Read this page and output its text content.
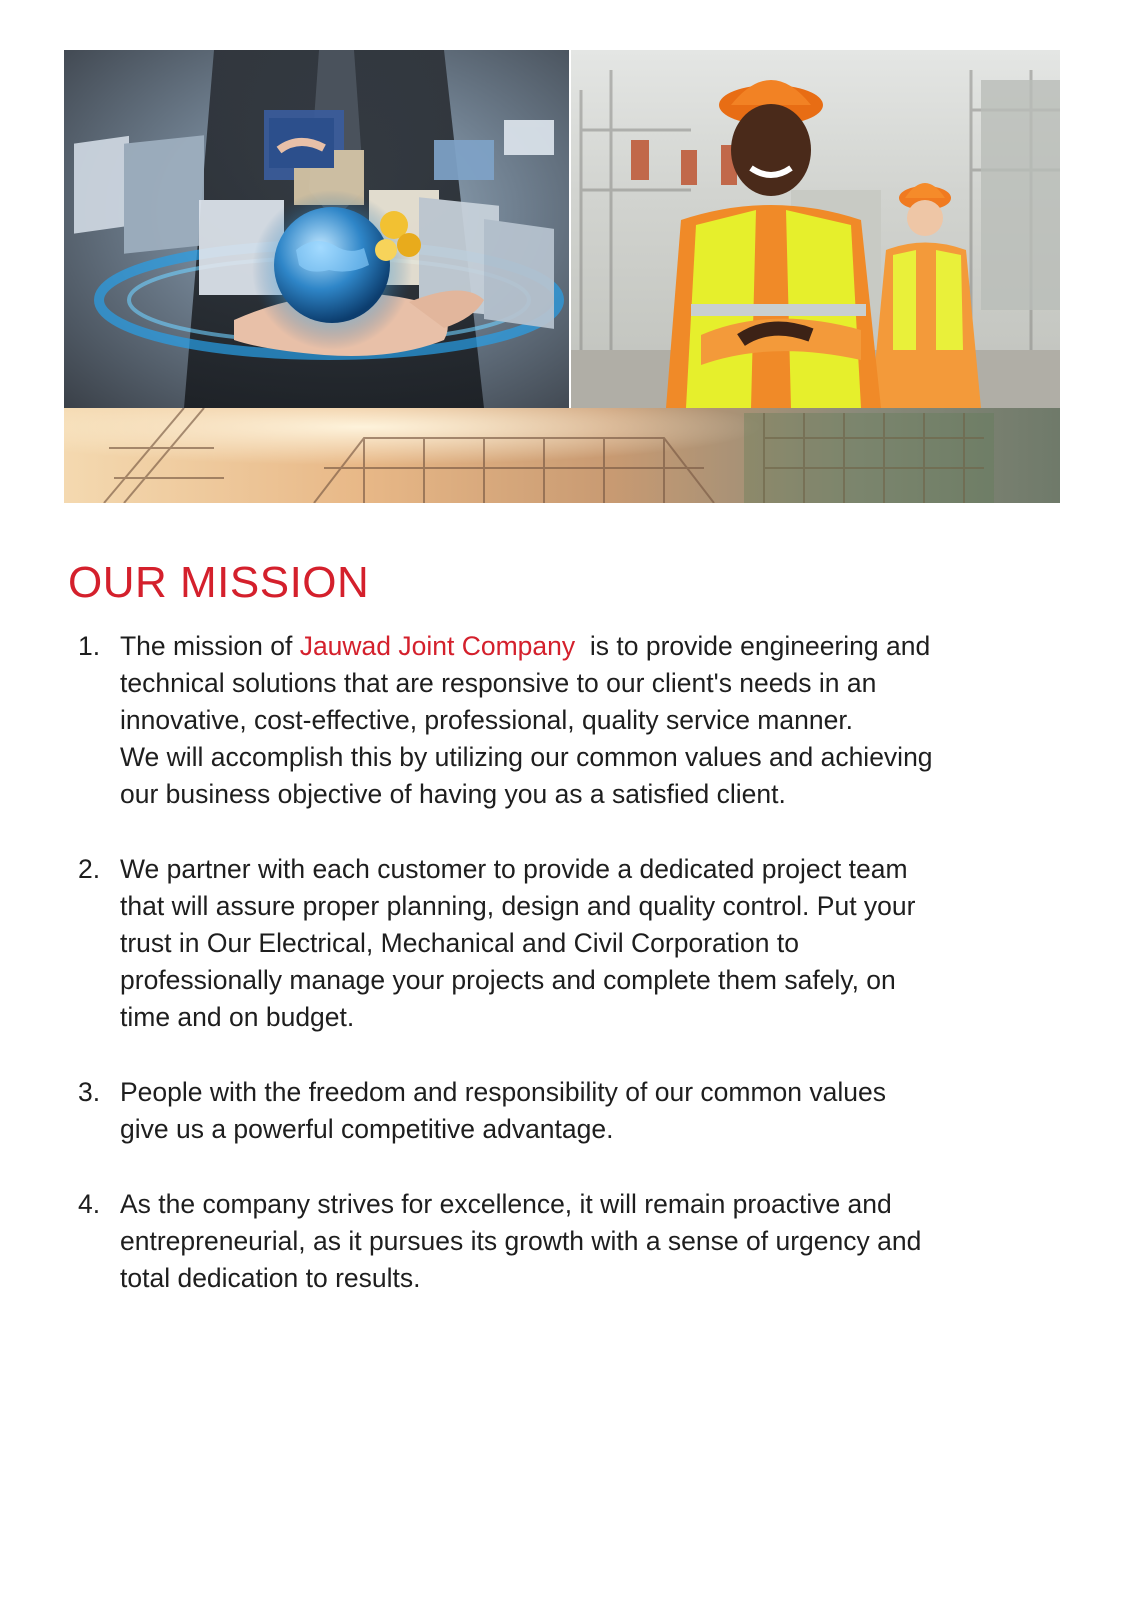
OUR MISSION
1. The mission of Jauwad Joint Company  is to provide engineering and
technical solutions that are responsive to our client's needs in an
innovative, cost-effective, professional, quality service manner.
We will accomplish this by utilizing our common values and achieving
our business objective of having you as a satisfied client.
2. We partner with each customer to provide a dedicated project team
that will assure proper planning, design and quality control. Put your
trust in Our Electrical, Mechanical and Civil Corporation to
professionally manage your projects and complete them safely, on
time and on budget.
3. People with the freedom and responsibility of our common values
give us a powerful competitive advantage.
4. As the company strives for excellence, it will remain proactive and
entrepreneurial, as it pursues its growth with a sense of urgency and
total dedication to results.
